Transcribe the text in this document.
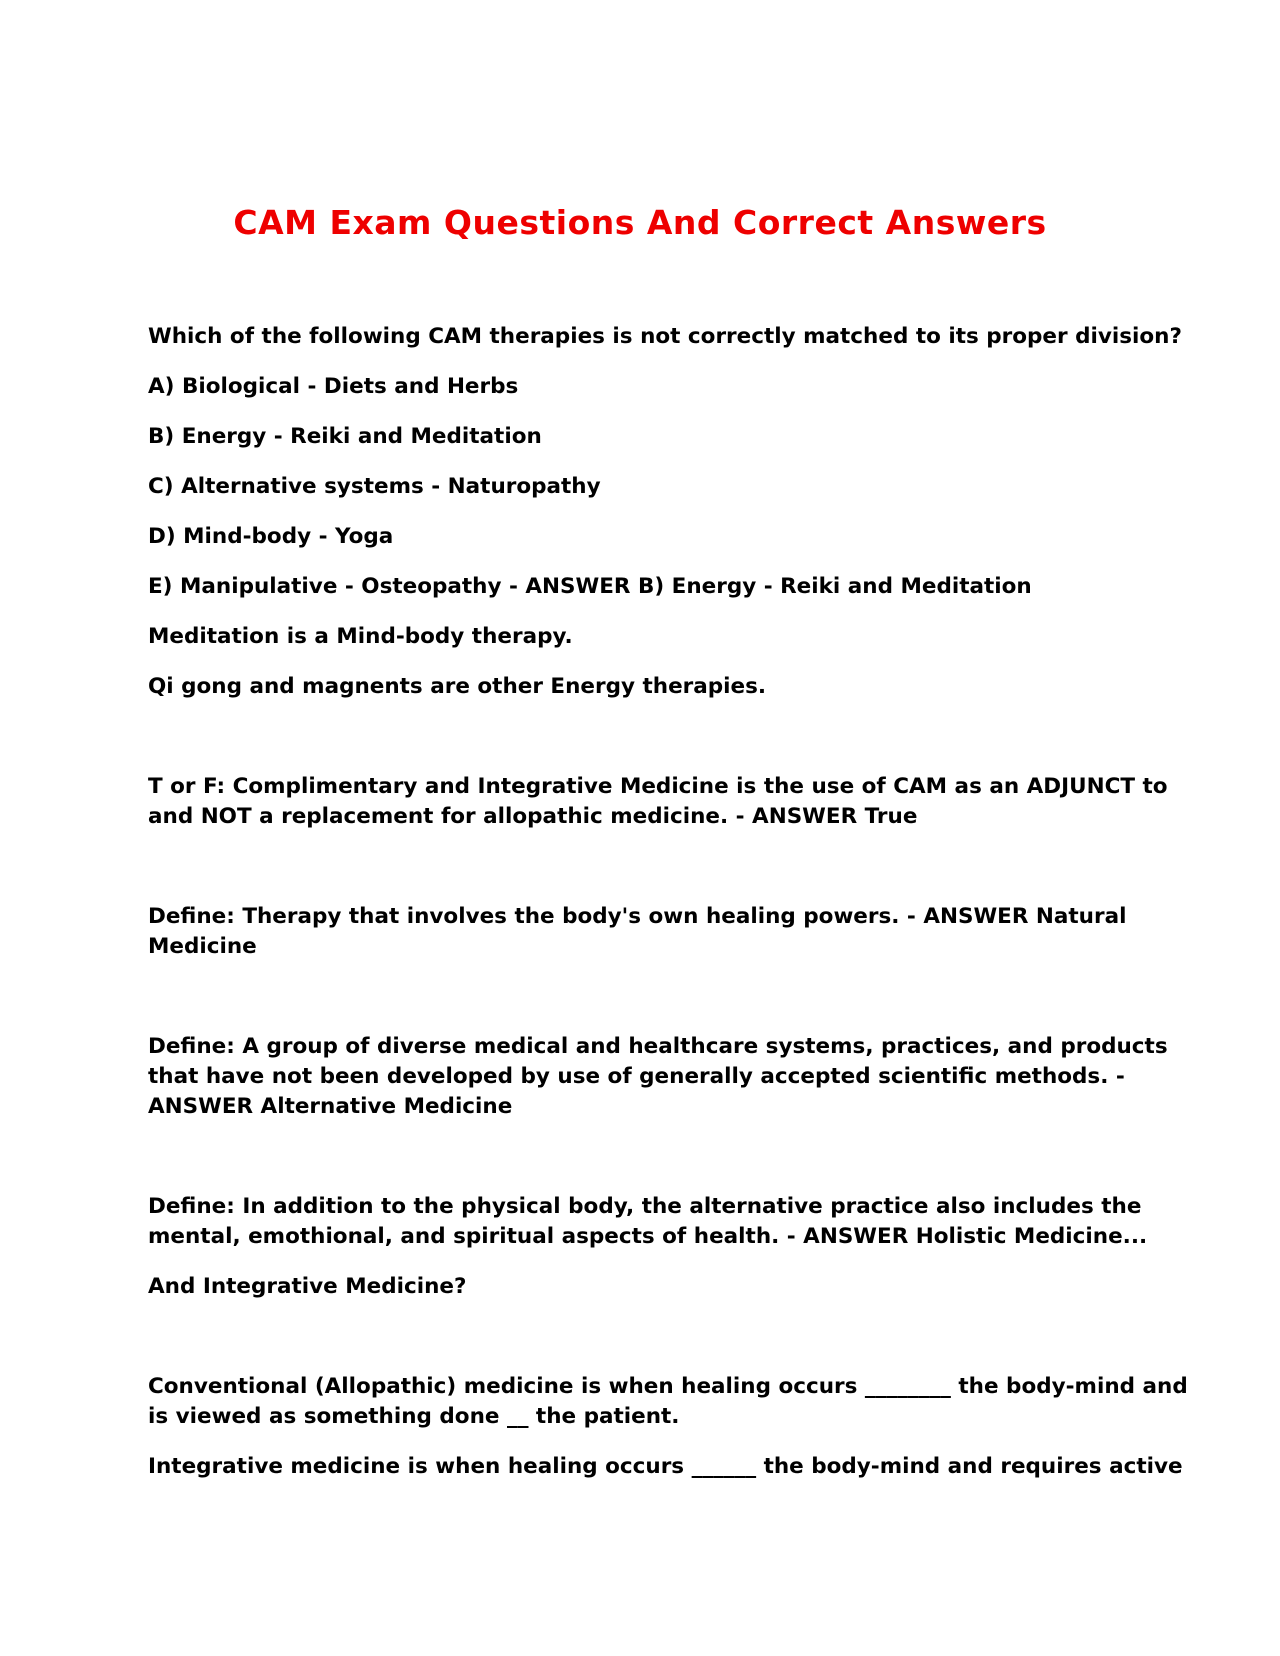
CAM Exam Questions And Correct Answers

Which of the following CAM therapies is not correctly matched to its proper division?

A) Biological - Diets and Herbs

B) Energy - Reiki and Meditation

C) Alternative systems - Naturopathy

D) Mind-body - Yoga

E) Manipulative - Osteopathy - ANSWER B) Energy - Reiki and Meditation

Meditation is a Mind-body therapy.

Qi gong and magnents are other Energy therapies.

T or F: Complimentary and Integrative Medicine is the use of CAM as an ADJUNCT to

and NOT a replacement for allopathic medicine. - ANSWER True

Define: Therapy that involves the body's own healing powers. - ANSWER Natural

Medicine

Define: A group of diverse medical and healthcare systems, practices, and products

that have not been developed by use of generally accepted scientific methods. -

ANSWER Alternative Medicine

Define: In addition to the physical body, the alternative practice also includes the

mental, emothional, and spiritual aspects of health. - ANSWER Holistic Medicine...

And Integrative Medicine?

Conventional (Allopathic) medicine is when healing occurs ________ the body-mind and

is viewed as something done __ the patient.

Integrative medicine is when healing occurs ______ the body-mind and requires active
